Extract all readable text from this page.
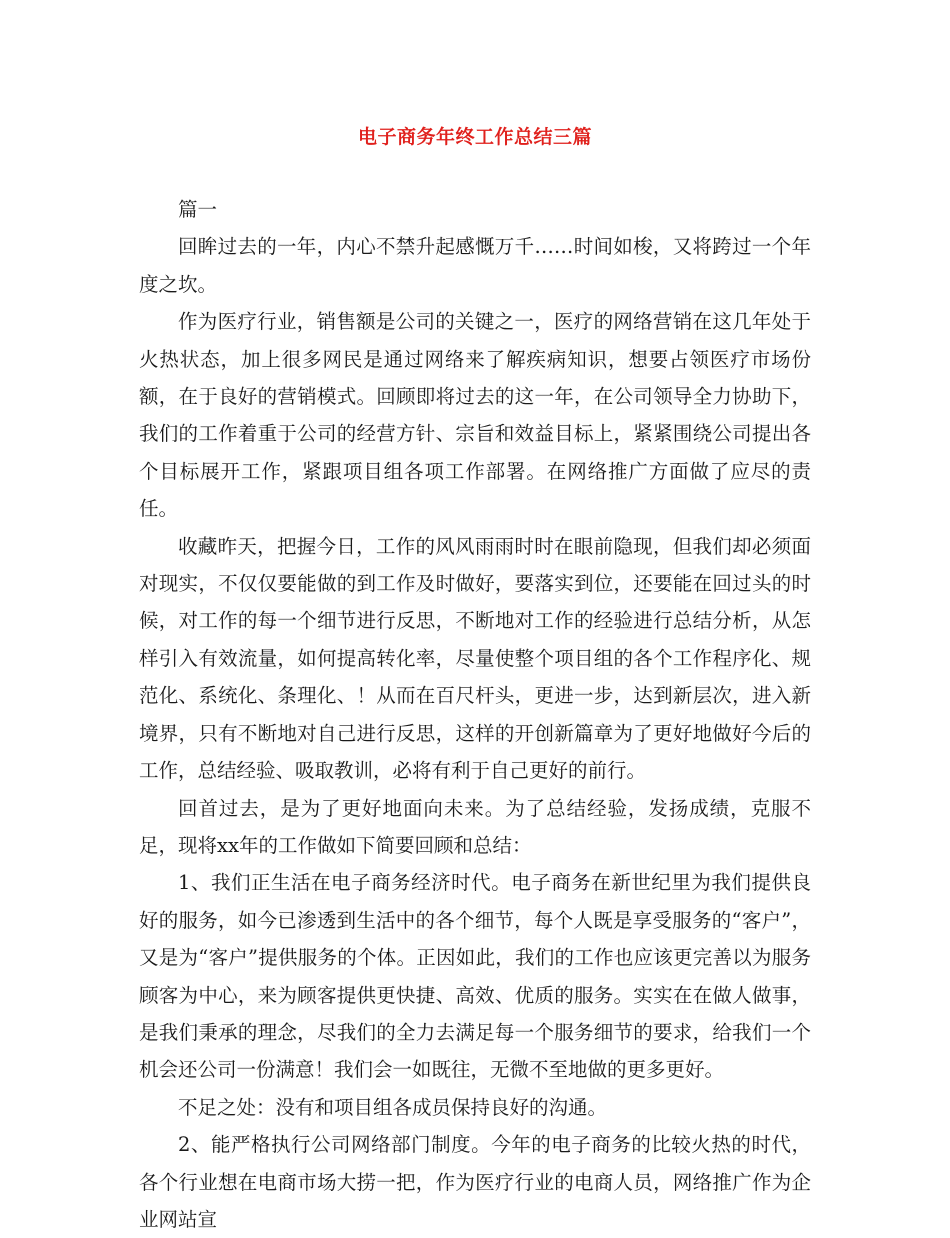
电子商务年终工作总结三篇

篇一

回眸过去的一年，内心不禁升起感慨万千……时间如梭，又将跨过一个年度之坎。

作为医疗行业，销售额是公司的关键之一，医疗的网络营销在这几年处于火热状态，加上很多网民是通过网络来了解疾病知识，想要占领医疗市场份额，在于良好的营销模式。回顾即将过去的这一年，在公司领导全力协助下，我们的工作着重于公司的经营方针、宗旨和效益目标上，紧紧围绕公司提出各个目标展开工作，紧跟项目组各项工作部署。在网络推广方面做了应尽的责任。

收藏昨天，把握今日，工作的风风雨雨时时在眼前隐现，但我们却必须面对现实，不仅仅要能做的到工作及时做好，要落实到位，还要能在回过头的时候，对工作的每一个细节进行反思，不断地对工作的经验进行总结分析，从怎样引入有效流量，如何提高转化率，尽量使整个项目组的各个工作程序化、规范化、系统化、条理化、！从而在百尺杆头，更进一步，达到新层次，进入新境界，只有不断地对自己进行反思，这样的开创新篇章为了更好地做好今后的工作，总结经验、吸取教训，必将有利于自己更好的前行。

回首过去，是为了更好地面向未来。为了总结经验，发扬成绩，克服不足，现将xx年的工作做如下简要回顾和总结：

1、我们正生活在电子商务经济时代。电子商务在新世纪里为我们提供良好的服务，如今已渗透到生活中的各个细节，每个人既是享受服务的“客户”，又是为“客户”提供服务的个体。正因如此，我们的工作也应该更完善以为服务顾客为中心，来为顾客提供更快捷、高效、优质的服务。实实在在做人做事，是我们秉承的理念，尽我们的全力去满足每一个服务细节的要求，给我们一个机会还公司一份满意！我们会一如既往，无微不至地做的更多更好。

不足之处：没有和项目组各成员保持良好的沟通。

2、能严格执行公司网络部门制度。今年的电子商务的比较火热的时代，各个行业想在电商市场大捞一把，作为医疗行业的电商人员，网络推广作为企业网站宣
